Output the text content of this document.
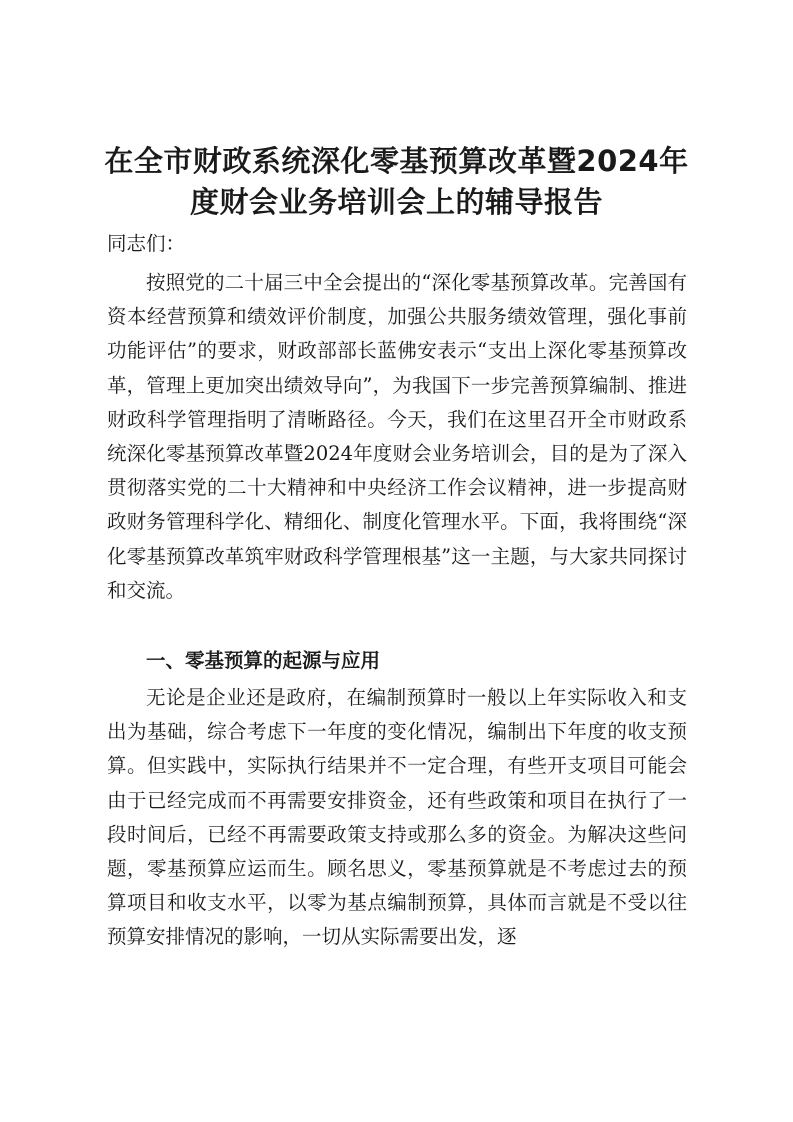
在全市财政系统深化零基预算改革暨2024年度财会业务培训会上的辅导报告
同志们：

按照党的二十届三中全会提出的“深化零基预算改革。完善国有资本经营预算和绩效评价制度，加强公共服务绩效管理，强化事前功能评估”的要求，财政部部长蓝佛安表示“支出上深化零基预算改革，管理上更加突出绩效导向”，为我国下一步完善预算编制、推进财政科学管理指明了清晰路径。今天，我们在这里召开全市财政系统深化零基预算改革暨2024年度财会业务培训会，目的是为了深入贯彻落实党的二十大精神和中央经济工作会议精神，进一步提高财政财务管理科学化、精细化、制度化管理水平。下面，我将围绕“深化零基预算改革筑牢财政科学管理根基”这一主题，与大家共同探讨和交流。

一、零基预算的起源与应用

无论是企业还是政府，在编制预算时一般以上年实际收入和支出为基础，综合考虑下一年度的变化情况，编制出下年度的收支预算。但实践中，实际执行结果并不一定合理，有些开支项目可能会由于已经完成而不再需要安排资金，还有些政策和项目在执行了一段时间后，已经不再需要政策支持或那么多的资金。为解决这些问题，零基预算应运而生。顾名思义，零基预算就是不考虑过去的预算项目和收支水平，以零为基点编制预算，具体而言就是不受以往预算安排情况的影响，一切从实际需要出发，逐
